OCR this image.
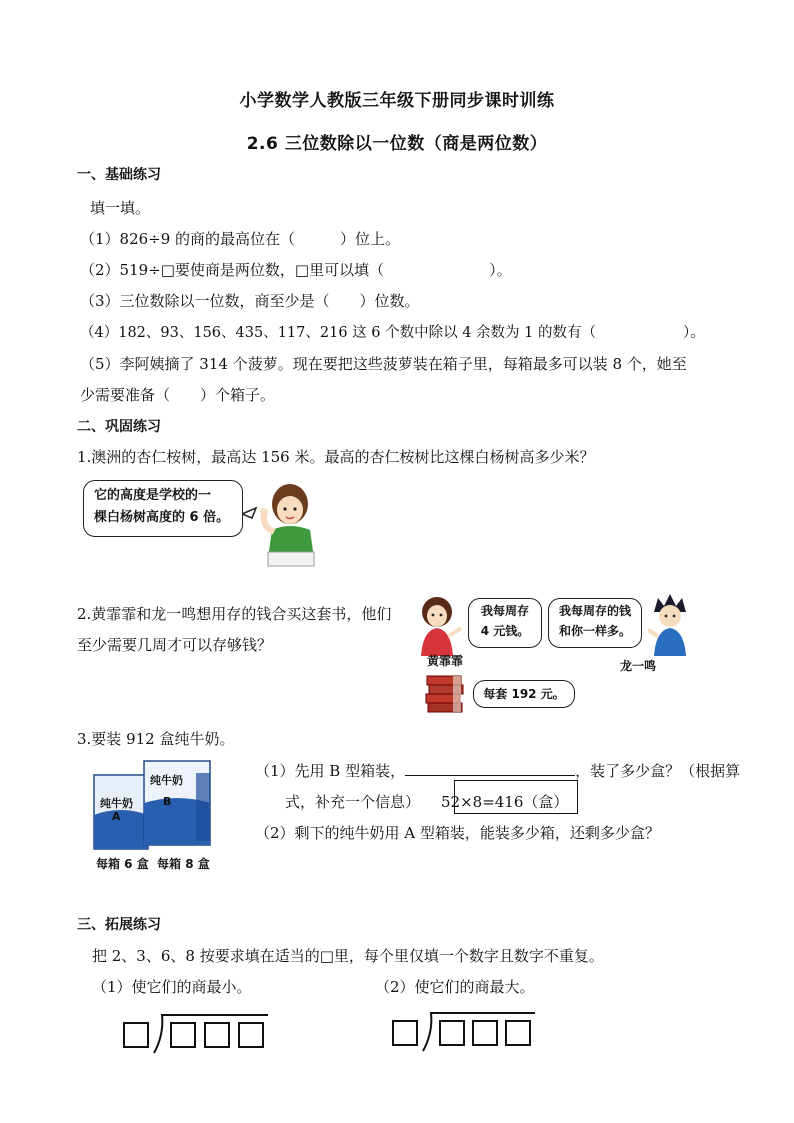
小学数学人教版三年级下册同步课时训练
2.6 三位数除以一位数（商是两位数）
一、基础练习
填一填。
（1）826÷9 的商的最高位在（　　　）位上。
（2）519÷□要使商是两位数，□里可以填（　　　　　　　）。
（3）三位数除以一位数，商至少是（　　）位数。
（4）182、93、156、435、117、216 这 6 个数中除以 4 余数为 1 的数有（　　　　　　）。
（5）李阿姨摘了 314 个菠萝。现在要把这些菠萝装在箱子里，每箱最多可以装 8 个，她至
少需要准备（　　）个箱子。
二、巩固练习
1.澳洲的杏仁桉树，最高达 156 米。最高的杏仁桉树比这棵白杨树高多少米？
它的高度是学校的一
棵白杨树高度的 6 倍。
2.黄霏霏和龙一鸣想用存的钱合买这套书，他们
至少需要几周才可以存够钱？
我每周存
4 元钱。
我每周存的钱
和你一样多。
黄霏霏	龙一鸣
每套 192 元。
3.要装 912 盒纯牛奶。
纯牛奶
A
纯牛奶
B
每箱 6 盒  每箱 8 盒
（1）先用 B 型箱装，	，装了多少盒？（根据算
式，补充一个信息） 52×8=416（盒）
（2）剩下的纯牛奶用 A 型箱装，能装多少箱，还剩多少盒？
三、拓展练习
把 2、3、6、8 按要求填在适当的□里，每个里仅填一个数字且数字不重复。
（1）使它们的商最小。	（2）使它们的商最大。
